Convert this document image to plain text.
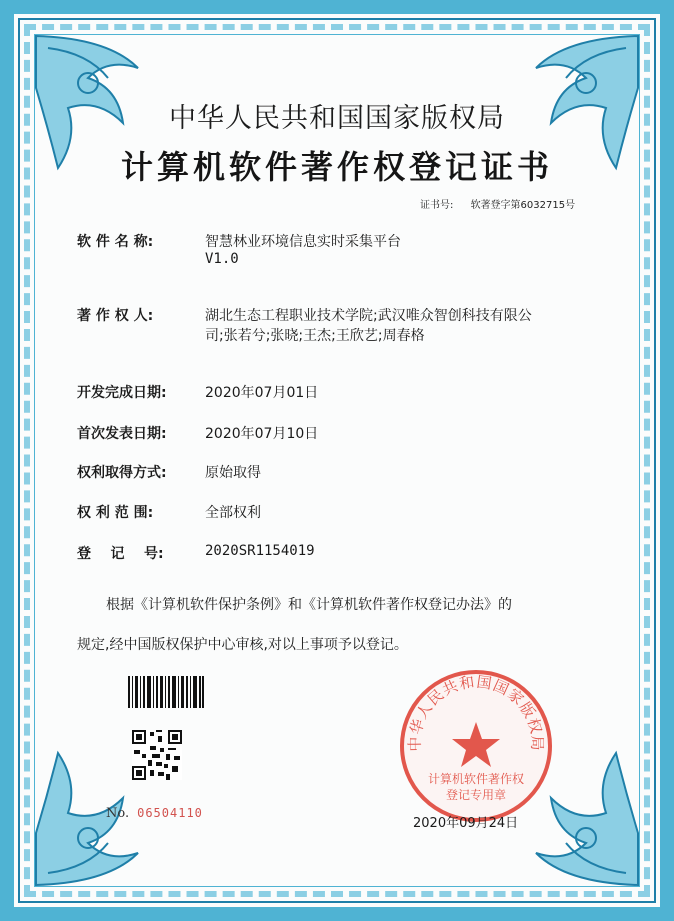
中华人民共和国国家版权局
计算机软件著作权登记证书
证书号: 软著登字第6032715号
软 件 名 称:	智慧林业环境信息实时采集平台
V1.0
著 作 权 人:	湖北生态工程职业技术学院;武汉唯众智创科技有限公
司;张若兮;张晓;王杰;王欣艺;周春格
开发完成日期:	2020年07月01日
首次发表日期:	2020年07月10日
权利取得方式:	原始取得
权 利 范 围:	全部权利
登    记    号:	2020SR1154019
根据《计算机软件保护条例》和《计算机软件著作权登记办法》的
规定,经中国版权保护中心审核,对以上事项予以登记。
No. 06504110
中华人民共和国国家版权局
计算机软件著作权
登记专用章
2020年09月24日
